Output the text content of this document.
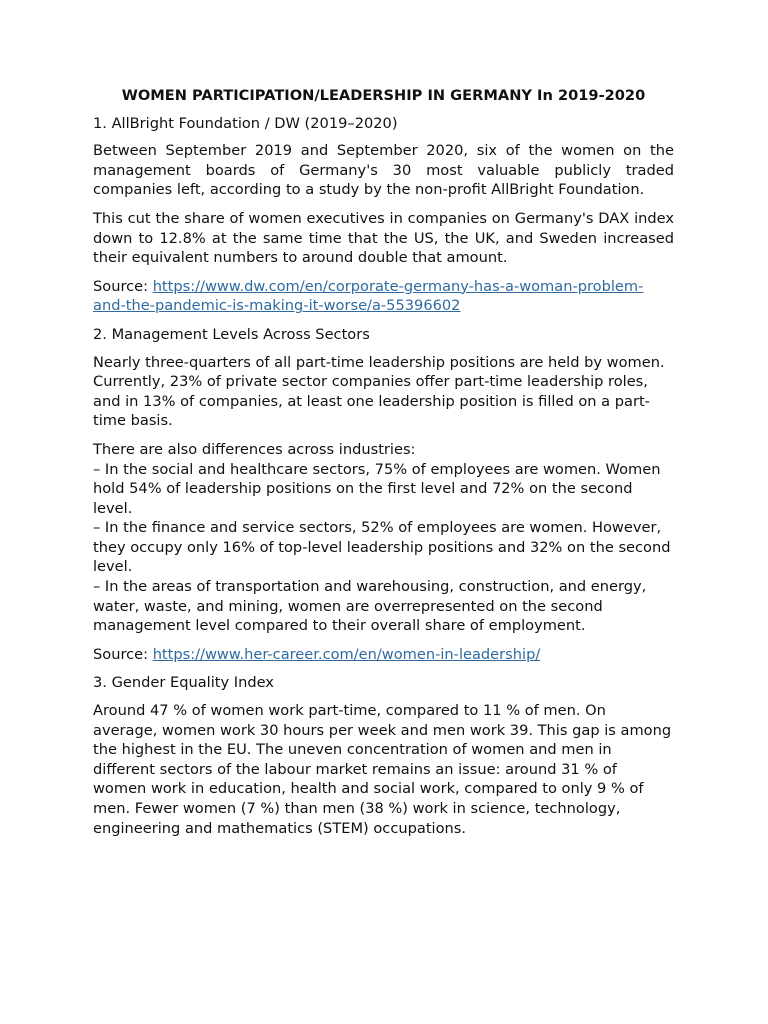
WOMEN PARTICIPATION/LEADERSHIP IN GERMANY In 2019-2020
1. AllBright Foundation / DW (2019–2020)
Between September 2019 and September 2020, six of the women on the management boards of Germany's 30 most valuable publicly traded companies left, according to a study by the non-profit AllBright Foundation.
This cut the share of women executives in companies on Germany's DAX index down to 12.8% at the same time that the US, the UK, and Sweden increased their equivalent numbers to around double that amount.
Source: https://www.dw.com/en/corporate-germany-has-a-woman-problem-and-the-pandemic-is-making-it-worse/a-55396602
2. Management Levels Across Sectors
Nearly three-quarters of all part-time leadership positions are held by women. Currently, 23% of private sector companies offer part-time leadership roles, and in 13% of companies, at least one leadership position is filled on a part-time basis.
There are also differences across industries:
– In the social and healthcare sectors, 75% of employees are women. Women hold 54% of leadership positions on the first level and 72% on the second level.
– In the finance and service sectors, 52% of employees are women. However, they occupy only 16% of top-level leadership positions and 32% on the second level.
– In the areas of transportation and warehousing, construction, and energy, water, waste, and mining, women are overrepresented on the second management level compared to their overall share of employment.
Source: https://www.her-career.com/en/women-in-leadership/
3. Gender Equality Index
Around 47 % of women work part-time, compared to 11 % of men. On average, women work 30 hours per week and men work 39. This gap is among the highest in the EU. The uneven concentration of women and men in different sectors of the labour market remains an issue: around 31 % of women work in education, health and social work, compared to only 9 % of men. Fewer women (7 %) than men (38 %) work in science, technology, engineering and mathematics (STEM) occupations.
